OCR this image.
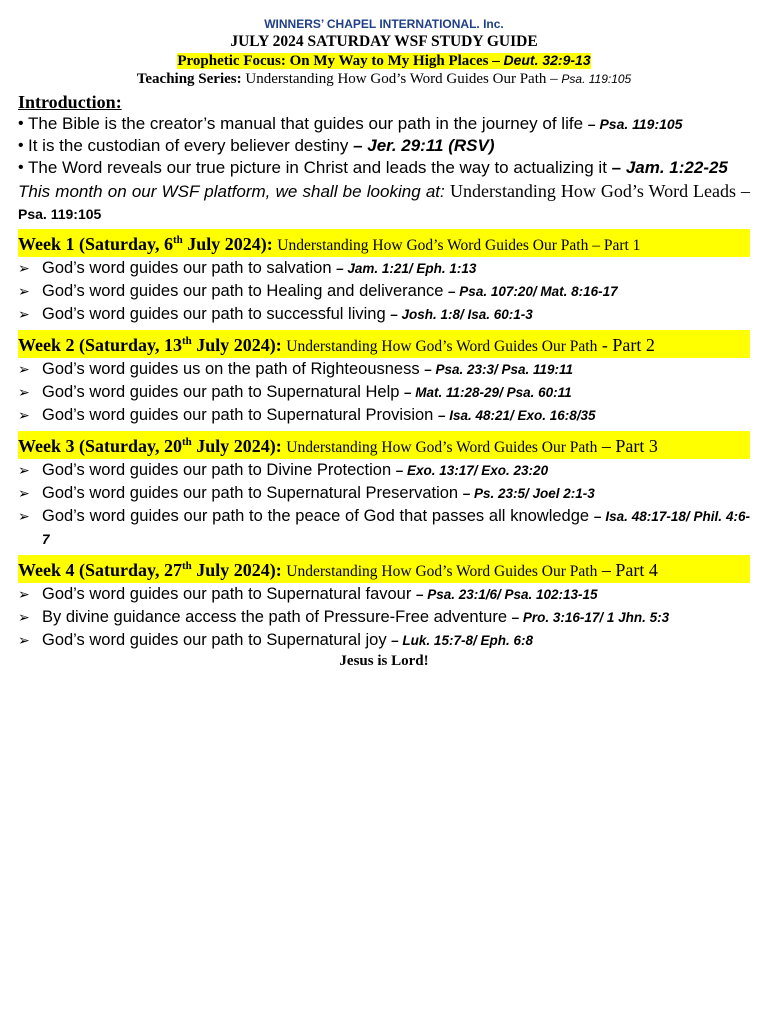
WINNERS’ CHAPEL INTERNATIONAL. Inc.
JULY 2024 SATURDAY WSF STUDY GUIDE
Prophetic Focus: On My Way to My High Places – Deut. 32:9-13
Teaching Series: Understanding How God’s Word Guides Our Path – Psa. 119:105
Introduction:
• The Bible is the creator’s manual that guides our path in the journey of life – Psa. 119:105
• It is the custodian of every believer destiny – Jer. 29:11 (RSV)
• The Word reveals our true picture in Christ and leads the way to actualizing it – Jam. 1:22-25
This month on our WSF platform, we shall be looking at: Understanding How God’s Word Leads – Psa. 119:105
Week 1 (Saturday, 6th July 2024): Understanding How God’s Word Guides Our Path – Part 1
➢ God’s word guides our path to salvation – Jam. 1:21/ Eph. 1:13
➢ God’s word guides our path to Healing and deliverance – Psa. 107:20/ Mat. 8:16-17
➢ God’s word guides our path to successful living – Josh. 1:8/ Isa. 60:1-3
Week 2 (Saturday, 13th July 2024): Understanding How God’s Word Guides Our Path - Part 2
➢ God’s word guides us on the path of Righteousness – Psa. 23:3/ Psa. 119:11
➢ God’s word guides our path to Supernatural Help – Mat. 11:28-29/ Psa. 60:11
➢ God’s word guides our path to Supernatural Provision – Isa. 48:21/ Exo. 16:8/35
Week 3 (Saturday, 20th July 2024): Understanding How God’s Word Guides Our Path – Part 3
➢ God’s word guides our path to Divine Protection – Exo. 13:17/ Exo. 23:20
➢ God’s word guides our path to Supernatural Preservation – Ps. 23:5/ Joel 2:1-3
➢ God’s word guides our path to the peace of God that passes all knowledge – Isa. 48:17-18/ Phil. 4:6-7
Week 4 (Saturday, 27th July 2024): Understanding How God’s Word Guides Our Path – Part 4
➢ God’s word guides our path to Supernatural favour – Psa. 23:1/6/ Psa. 102:13-15
➢ By divine guidance access the path of Pressure-Free adventure – Pro. 3:16-17/ 1 Jhn. 5:3
➢ God’s word guides our path to Supernatural joy – Luk. 15:7-8/ Eph. 6:8
Jesus is Lord!
